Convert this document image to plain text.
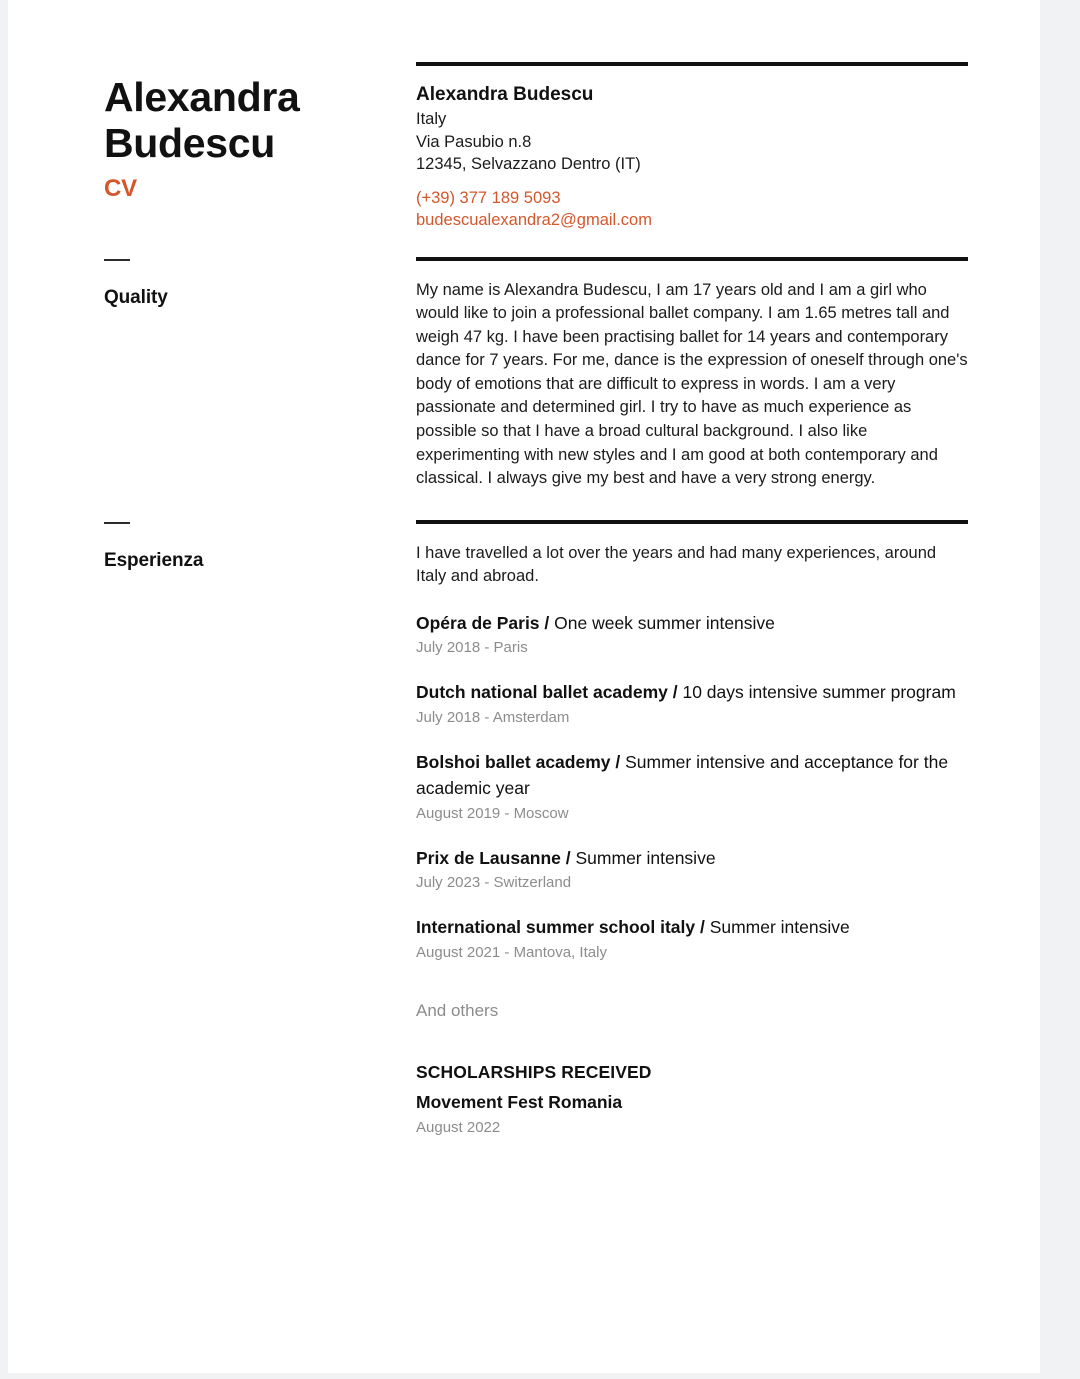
Alexandra
Budescu
CV
Alexandra Budescu
Italy
Via Pasubio n.8
12345, Selvazzano Dentro (IT)
(+39) 377 189 5093
budescualexandra2@gmail.com
Quality	My name is Alexandra Budescu, I am 17 years old and I am a girl who would like to join a professional ballet company. I am 1.65 metres tall and weigh 47 kg. I have been practising ballet for 14 years and contemporary dance for 7 years. For me, dance is the expression of oneself through one's body of emotions that are difficult to express in words. I am a very passionate and determined girl. I try to have as much experience as possible so that I have a broad cultural background. I also like experimenting with new styles and I am good at both contemporary and classical. I always give my best and have a very strong energy.
Esperienza	I have travelled a lot over the years and had many experiences, around Italy and abroad.
Opéra de Paris / One week summer intensive
July 2018 - Paris
Dutch national ballet academy / 10 days intensive summer program
July 2018 - Amsterdam
Bolshoi ballet academy / Summer intensive and acceptance for the academic year
August 2019 - Moscow
Prix de Lausanne / Summer intensive
July 2023 - Switzerland
International summer school italy / Summer intensive
August 2021 - Mantova, Italy
And others
SCHOLARSHIPS RECEIVED
Movement Fest Romania
August 2022
